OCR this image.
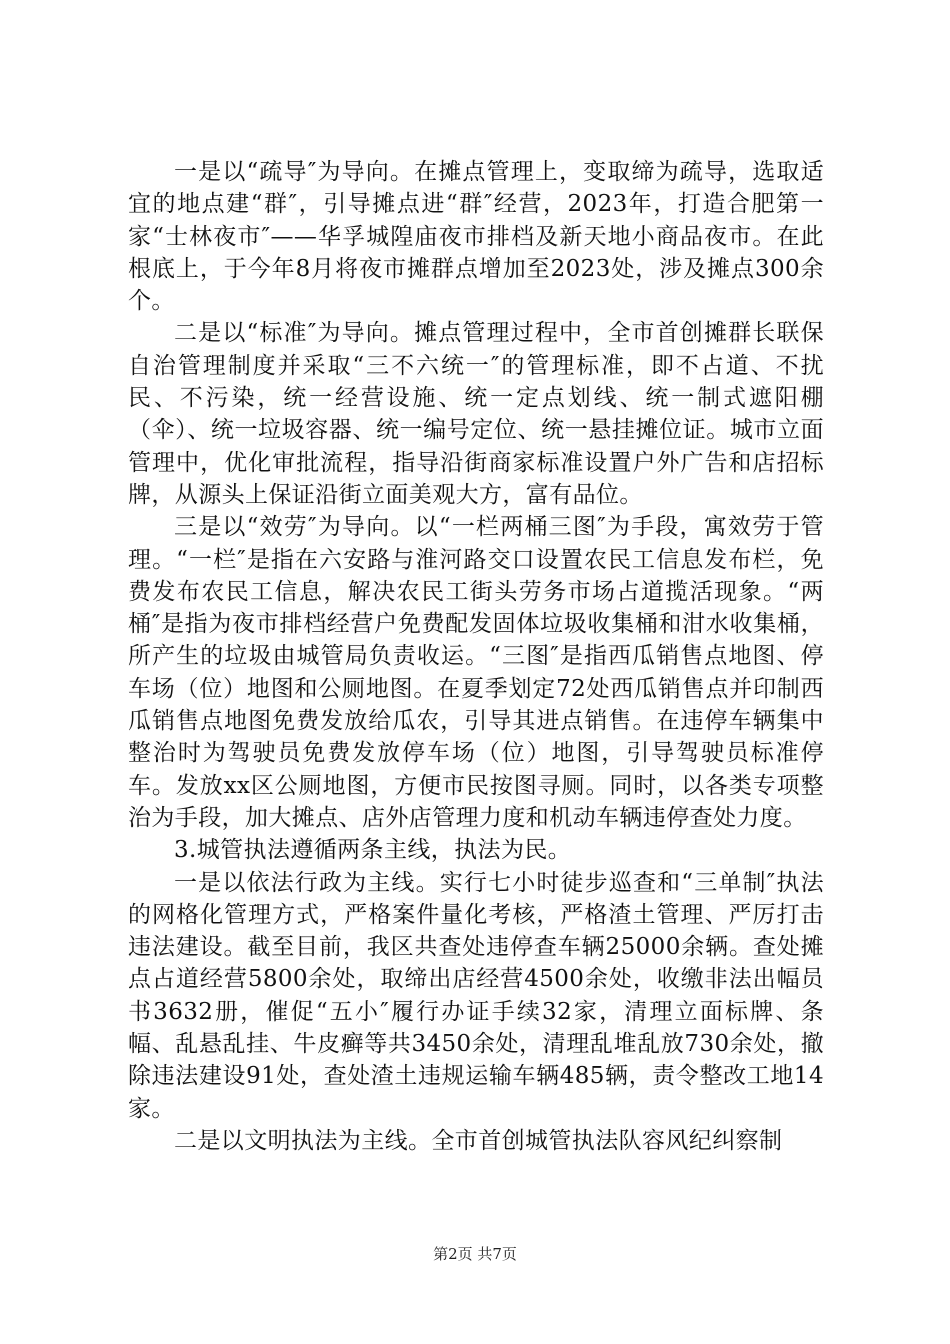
一是以“疏导″为导向。在摊点管理上，变取缔为疏导，选取适宜的地点建“群″，引导摊点进“群″经营，2023年，打造合肥第一家“士林夜市″——华孚城隍庙夜市排档及新天地小商品夜市。在此根底上，于今年8月将夜市摊群点增加至2023处，涉及摊点300余个。

二是以“标准″为导向。摊点管理过程中，全市首创摊群长联保自治管理制度并采取“三不六统一″的管理标准，即不占道、不扰民、不污染，统一经营设施、统一定点划线、统一制式遮阳棚（伞）、统一垃圾容器、统一编号定位、统一悬挂摊位证。城市立面管理中，优化审批流程，指导沿街商家标准设置户外广告和店招标牌，从源头上保证沿街立面美观大方，富有品位。

三是以“效劳″为导向。以“一栏两桶三图″为手段，寓效劳于管理。“一栏″是指在六安路与淮河路交口设置农民工信息发布栏，免费发布农民工信息，解决农民工街头劳务市场占道揽活现象。“两桶″是指为夜市排档经营户免费配发固体垃圾收集桶和泔水收集桶，所产生的垃圾由城管局负责收运。“三图″是指西瓜销售点地图、停车场（位）地图和公厕地图。在夏季划定72处西瓜销售点并印制西瓜销售点地图免费发放给瓜农，引导其进点销售。在违停车辆集中整治时为驾驶员免费发放停车场（位）地图，引导驾驶员标准停车。发放xx区公厕地图，方便市民按图寻厕。同时，以各类专项整治为手段，加大摊点、店外店管理力度和机动车辆违停查处力度。

3.城管执法遵循两条主线，执法为民。

一是以依法行政为主线。实行七小时徒步巡查和“三单制″执法的网格化管理方式，严格案件量化考核，严格渣土管理、严厉打击违法建设。截至目前，我区共查处违停查车辆25000余辆。查处摊点占道经营5800余处，取缔出店经营4500余处，收缴非法出幅员书3632册，催促“五小″履行办证手续32家，清理立面标牌、条幅、乱悬乱挂、牛皮癣等共3450余处，清理乱堆乱放730余处，撤除违法建设91处，查处渣土违规运输车辆485辆，责令整改工地14家。

二是以文明执法为主线。全市首创城管执法队容风纪纠察制

第2页 共7页
